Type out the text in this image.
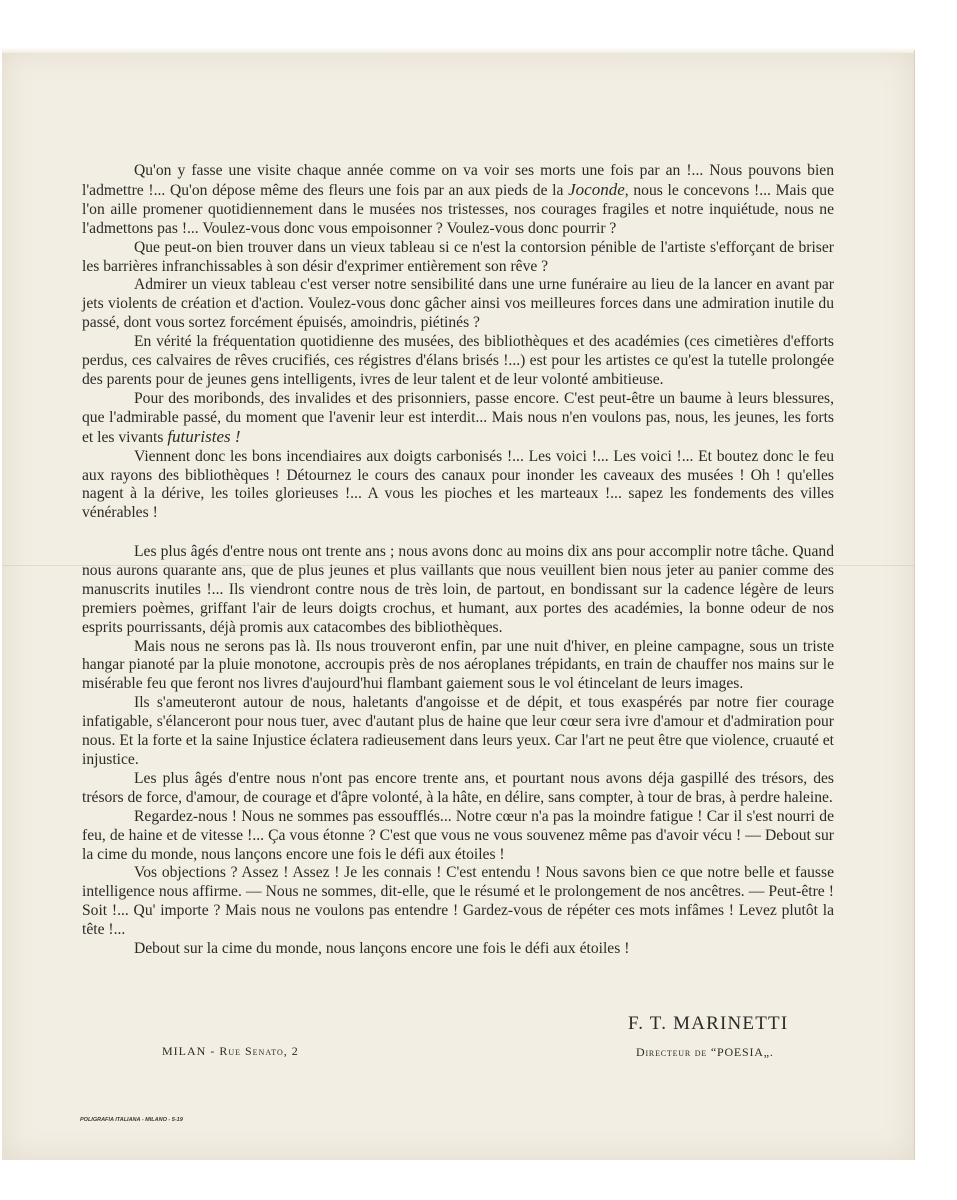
Qu'on y fasse une visite chaque année comme on va voir ses morts une fois par an !... Nous pouvons bien l'admettre !... Qu'on dépose même des fleurs une fois par an aux pieds de la Joconde, nous le concevons !... Mais que l'on aille promener quotidiennement dans le musées nos tristesses, nos courages fragiles et notre inquiétude, nous ne l'admettons pas !... Voulez-vous donc vous empoisonner ? Voulez-vous donc pourrir ?

Que peut-on bien trouver dans un vieux tableau si ce n'est la contorsion pénible de l'artiste s'efforçant de briser les barrières infranchissables à son désir d'exprimer entièrement son rêve ?

Admirer un vieux tableau c'est verser notre sensibilité dans une urne funéraire au lieu de la lancer en avant par jets violents de création et d'action. Voulez-vous donc gâcher ainsi vos meilleures forces dans une admiration inutile du passé, dont vous sortez forcément épuisés, amoindris, piétinés ?

En vérité la fréquentation quotidienne des musées, des bibliothèques et des académies (ces cimetières d'efforts perdus, ces calvaires de rêves crucifiés, ces régistres d'élans brisés !...) est pour les artistes ce qu'est la tutelle prolongée des parents pour de jeunes gens intelligents, ivres de leur talent et de leur volonté ambitieuse.

Pour des moribonds, des invalides et des prisonniers, passe encore. C'est peut-être un baume à leurs blessures, que l'admirable passé, du moment que l'avenir leur est interdit... Mais nous n'en voulons pas, nous, les jeunes, les forts et les vivants futuristes !

Viennent donc les bons incendiaires aux doigts carbonisés !... Les voici !... Les voici !... Et boutez donc le feu aux rayons des bibliothèques ! Détournez le cours des canaux pour inonder les caveaux des musées ! Oh ! qu'elles nagent à la dérive, les toiles glorieuses !... A vous les pioches et les marteaux !... sapez les fondements des villes vénérables !

Les plus âgés d'entre nous ont trente ans ; nous avons donc au moins dix ans pour accomplir notre tâche. Quand nous aurons quarante ans, que de plus jeunes et plus vaillants que nous veuillent bien nous jeter au panier comme des manuscrits inutiles !... Ils viendront contre nous de très loin, de partout, en bondissant sur la cadence légère de leurs premiers poèmes, griffant l'air de leurs doigts crochus, et humant, aux portes des académies, la bonne odeur de nos esprits pourrissants, déjà promis aux catacombes des bibliothèques.

Mais nous ne serons pas là. Ils nous trouveront enfin, par une nuit d'hiver, en pleine campagne, sous un triste hangar pianoté par la pluie monotone, accroupis près de nos aéroplanes trépidants, en train de chauffer nos mains sur le misérable feu que feront nos livres d'aujourd'hui flambant gaiement sous le vol étincelant de leurs images.

Ils s'ameuteront autour de nous, haletants d'angoisse et de dépit, et tous exaspérés par notre fier courage infatigable, s'élanceront pour nous tuer, avec d'autant plus de haine que leur cœur sera ivre d'amour et d'admiration pour nous. Et la forte et la saine Injustice éclatera radieusement dans leurs yeux. Car l'art ne peut être que violence, cruauté et injustice.

Les plus âgés d'entre nous n'ont pas encore trente ans, et pourtant nous avons déja gaspillé des trésors, des trésors de force, d'amour, de courage et d'âpre volonté, à la hâte, en délire, sans compter, à tour de bras, à perdre haleine.

Regardez-nous ! Nous ne sommes pas essoufflés... Notre cœur n'a pas la moindre fatigue ! Car il s'est nourri de feu, de haine et de vitesse !... Ça vous étonne ? C'est que vous ne vous souvenez même pas d'avoir vécu ! — Debout sur la cime du monde, nous lançons encore une fois le défi aux étoiles !

Vos objections ? Assez ! Assez ! Je les connais ! C'est entendu ! Nous savons bien ce que notre belle et fausse intelligence nous affirme. — Nous ne sommes, dit-elle, que le résumé et le prolongement de nos ancêtres. — Peut-être ! Soit !... Qu' importe ? Mais nous ne voulons pas entendre ! Gardez-vous de répéter ces mots infâmes ! Levez plutôt la tête !...

Debout sur la cime du monde, nous lançons encore une fois le défi aux étoiles !

F. T. MARINETTI
Directeur de “POESIA„.
MILAN - Rue Senato, 2
POLIGRAFIA ITALIANA - MILANO - 5-19
